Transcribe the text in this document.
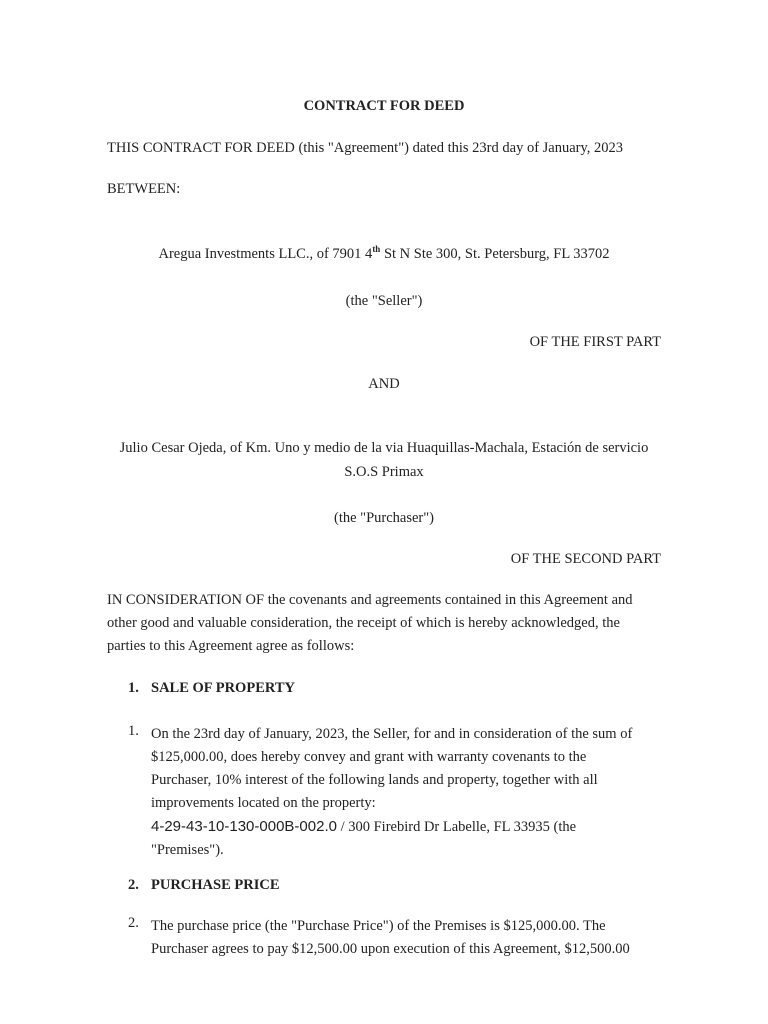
CONTRACT FOR DEED
THIS CONTRACT FOR DEED (this "Agreement") dated this 23rd day of January, 2023
BETWEEN:
Aregua Investments LLC., of 7901 4th St N Ste 300, St. Petersburg, FL 33702
(the "Seller")
OF THE FIRST PART
AND
Julio Cesar Ojeda, of Km. Uno y medio de la via Huaquillas-Machala, Estación de servicio
S.O.S Primax
(the "Purchaser")
OF THE SECOND PART
IN CONSIDERATION OF the covenants and agreements contained in this Agreement and
other good and valuable consideration, the receipt of which is hereby acknowledged, the
parties to this Agreement agree as follows:
1. SALE OF PROPERTY
1. On the 23rd day of January, 2023, the Seller, for and in consideration of the sum of
$125,000.00, does hereby convey and grant with warranty covenants to the
Purchaser, 10% interest of the following lands and property, together with all
improvements located on the property:
4-29-43-10-130-000B-002.0 / 300 Firebird Dr Labelle, FL 33935 (the
"Premises").
2. PURCHASE PRICE
2. The purchase price (the "Purchase Price") of the Premises is $125,000.00. The
Purchaser agrees to pay $12,500.00 upon execution of this Agreement, $12,500.00
